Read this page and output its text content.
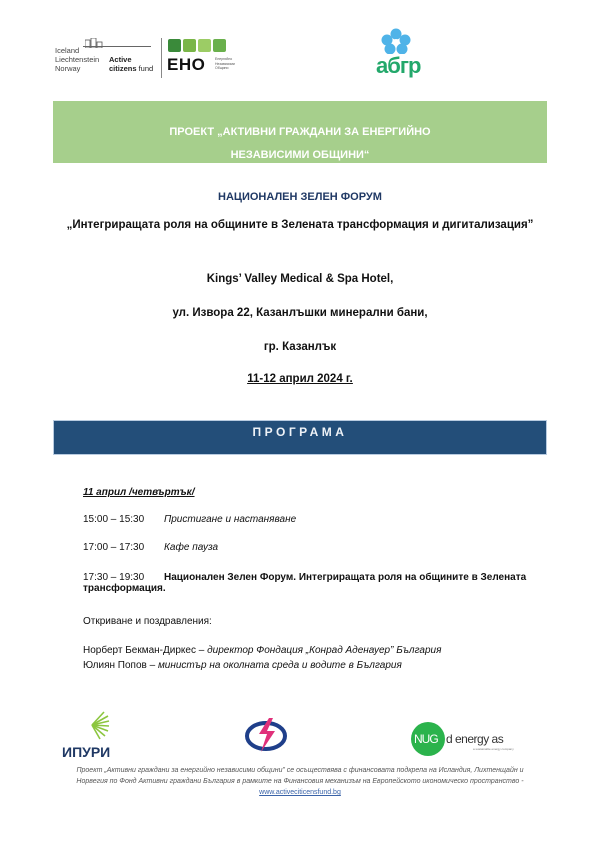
Iceland
Liechtenstein
Norway
Active
citizens fund ЕНО	Енергийно
Независими
Общини	абгр
ПРОЕКТ „АКТИВНИ ГРАЖДАНИ ЗА ЕНЕРГИЙНО
НЕЗАВИСИМИ ОБЩИНИ“
НАЦИОНАЛЕН ЗЕЛЕН ФОРУМ
„Интегриращата роля на общините в Зелената трансформация и дигитализация”
Kings’ Valley Medical & Spa Hotel,
ул. Извора 22, Казанлъшки минерални бани,
гр. Казанлък
11-12 април 2024 г.
ПРОГРАМА
11 април /четвъртък/
15:00 – 15:30	Пристигане и настаняване
17:00 – 17:30	Кафе пауза
17:30 – 19:30	Национален Зелен Форум. Интегриращата роля на общините в Зелената
трансформация.
Откриване и поздравления:
Норберт Бекман-Диркес – директор Фондация „Конрад Аденауер” България
Юлиян Попов – министър на околната среда и водите в България
ИПУРИ
NUG d energy as
a sustainable energy company
Проект „Активни граждани за енергийно независими общини” се осъществява с финансовата подкрепа на Исландия, Лихтенщайн и Норвегия по Фонд Активни граждани България в рамките на Финансовия механизъм на Европейското икономическо пространство - www.activeciticensfund.bg
